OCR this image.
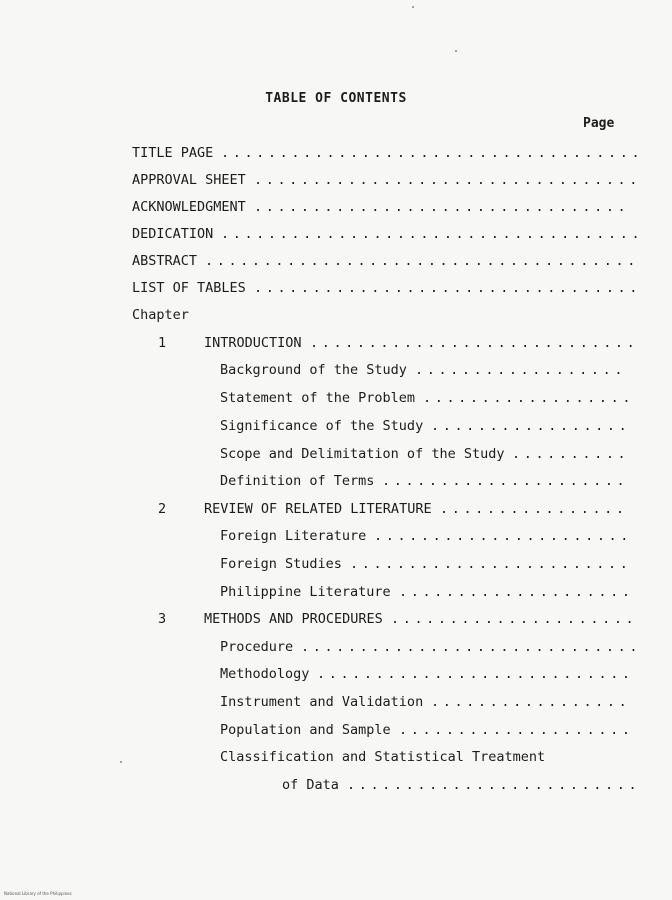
TABLE OF CONTENTS
Page
TITLE PAGE ....................................
APPROVAL SHEET .................................
ACKNOWLEDGMENT ................................
DEDICATION ....................................
ABSTRACT .....................................
LIST OF TABLES .................................
Chapter
1	INTRODUCTION ............................
Background of the Study ..................
Statement of the Problem ..................
Significance of the Study .................
Scope and Delimitation of the Study ..........
Definition of Terms .....................
2	REVIEW OF RELATED LITERATURE ................
Foreign Literature ......................
Foreign Studies ........................
Philippine Literature ....................
3	METHODS AND PROCEDURES .....................
Procedure .............................
Methodology ...........................
Instrument and Validation .................
Population and Sample ....................
Classification and Statistical Treatment
of Data .........................
National Library of the Philippines
